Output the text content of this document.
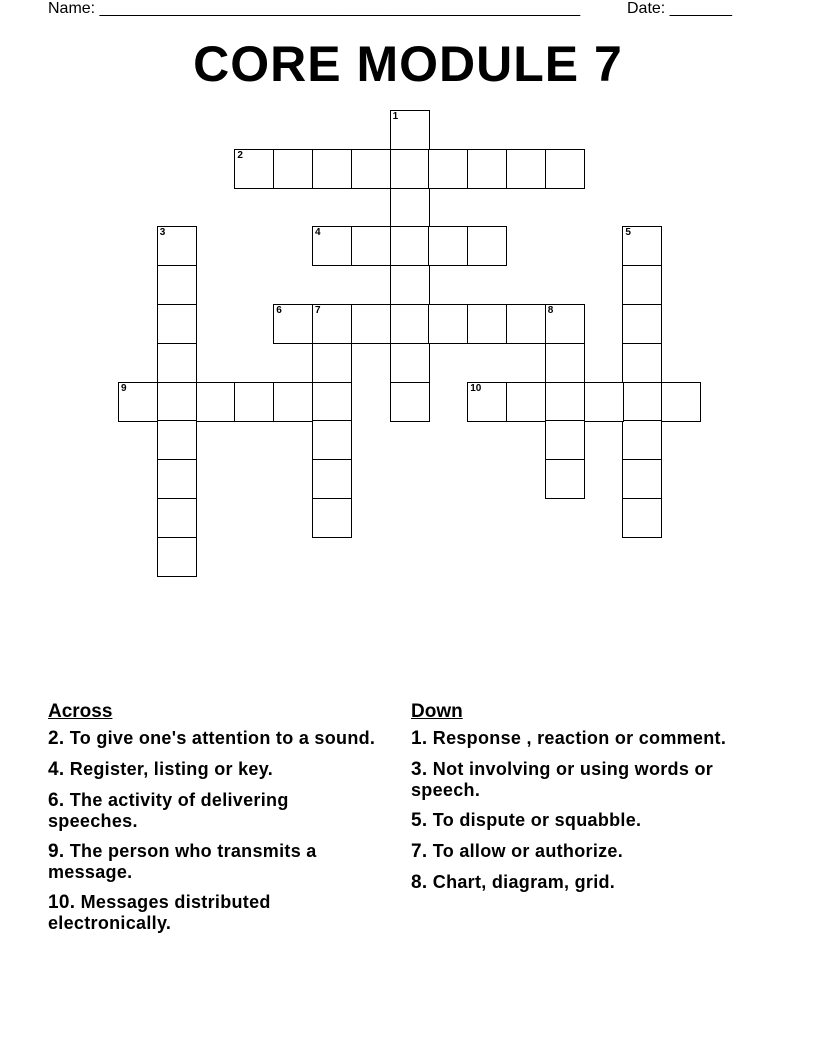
Name: ______________________________________________________	Date: _______
CORE MODULE 7
1
2
3	4	5
6	7	8
9	10
Across
2. To give one's attention to a sound.
4. Register, listing or key.
6. The activity of delivering speeches.
9. The person who transmits a message.
10. Messages distributed electronically.
Down
1. Response , reaction or comment.
3. Not involving or using words or speech.
5. To dispute or squabble.
7. To allow or authorize.
8. Chart, diagram, grid.
